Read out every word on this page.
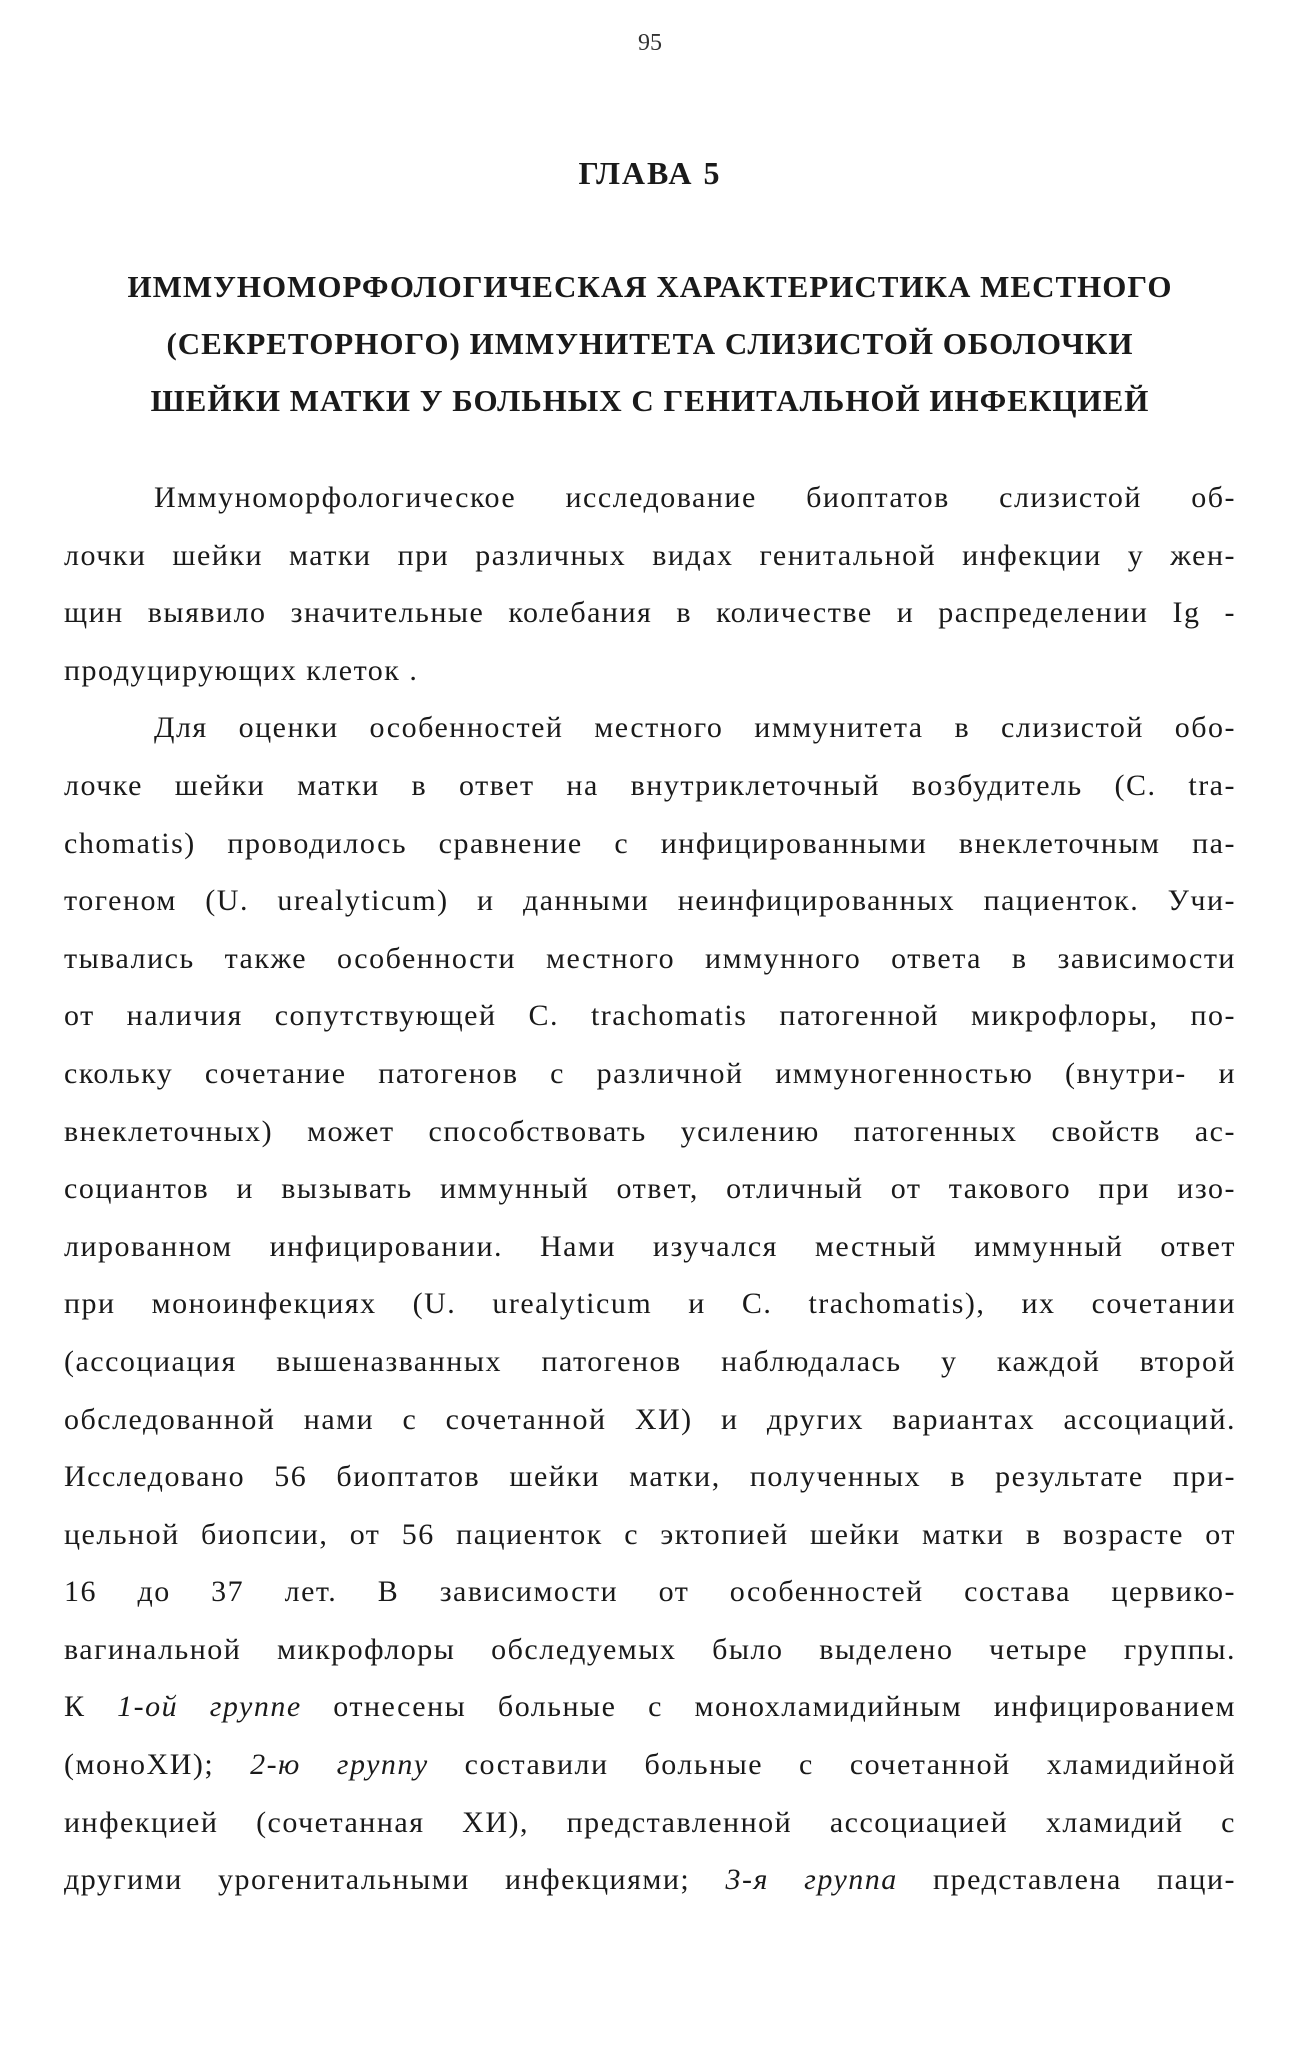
95
ГЛАВА 5
ИММУНОМОРФОЛОГИЧЕСКАЯ ХАРАКТЕРИСТИКА МЕСТНОГО
(СЕКРЕТОРНОГО) ИММУНИТЕТА СЛИЗИСТОЙ ОБОЛОЧКИ
ШЕЙКИ МАТКИ У БОЛЬНЫХ С ГЕНИТАЛЬНОЙ ИНФЕКЦИЕЙ
Иммуноморфологическое исследование биоптатов слизистой об-
лочки шейки матки при различных видах генитальной инфекции у жен-
щин выявило значительные колебания в количестве и распределении Ig -
продуцирующих клеток .
Для оценки особенностей местного иммунитета в слизистой обо-
лочке шейки матки в ответ на внутриклеточный возбудитель (С. tra-
chomatis) проводилось сравнение с инфицированными внеклеточным па-
тогеном (U. urealyticum) и данными неинфицированных пациенток. Учи-
тывались также особенности местного иммунного ответа в зависимости
от наличия сопутствующей С. trachomatis патогенной микрофлоры, по-
скольку сочетание патогенов с различной иммуногенностью (внутри- и
внеклеточных) может способствовать усилению патогенных свойств ас-
социантов и вызывать иммунный ответ, отличный от такового при изо-
лированном инфицировании. Нами изучался местный иммунный ответ
при моноинфекциях (U. urealyticum и С. trachomatis), их сочетании
(ассоциация вышеназванных патогенов наблюдалась у каждой второй
обследованной нами с сочетанной ХИ) и других вариантах ассоциаций.
Исследовано 56 биоптатов шейки матки, полученных в результате при-
цельной биопсии, от 56 пациенток с эктопией шейки матки в возрасте от
16 до 37 лет. В зависимости от особенностей состава цервико-
вагинальной микрофлоры обследуемых было выделено четыре группы.
К 1-ой группе отнесены больные с монохламидийным инфицированием
(моноХИ); 2-ю группу составили больные с сочетанной хламидийной
инфекцией (сочетанная ХИ), представленной ассоциацией хламидий с
другими урогенитальными инфекциями; 3-я группа представлена паци-
